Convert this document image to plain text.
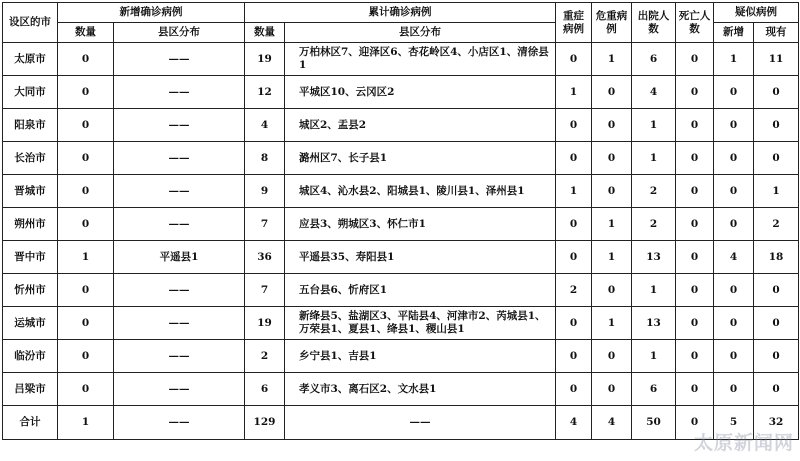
设区的市	新增确诊病例		累计确诊病例		重症病例	危重病例	出院人数	死亡人数	疑似病例	
	数量	县区分布	数量	县区分布					新增	现有
太原市	0	——	19	万柏林区7、迎泽区6、杏花岭区4、小店区1、清徐县1	0	1	6	0	1	11
大同市	0	——	12	平城区10、云冈区2	1	0	4	0	0	0
阳泉市	0	——	4	城区2、盂县2	0	0	1	0	0	0
长治市	0	——	8	潞州区7、长子县1	0	0	1	0	0	0
晋城市	0	——	9	城区4、沁水县2、阳城县1、陵川县1、泽州县1	1	0	2	0	0	1
朔州市	0	——	7	应县3、朔城区3、怀仁市1	0	1	2	0	0	2
晋中市	1	平遥县1	36	平遥县35、寿阳县1	0	1	13	0	4	18
忻州市	0	——	7	五台县6、忻府区1	2	0	1	0	0	0
运城市	0	——	19	新绛县5、盐湖区3、平陆县4、河津市2、芮城县1、万荣县1、夏县1、绛县1、稷山县1	0	1	13	0	0	0
临汾市	0	——	2	乡宁县1、吉县1	0	0	1	0	0	0
吕梁市	0	——	6	孝义市3、离石区2、文水县1	0	0	6	0	0	0
合计	1	——	129	——	4	4	50	0	5	32
太原新闻网
